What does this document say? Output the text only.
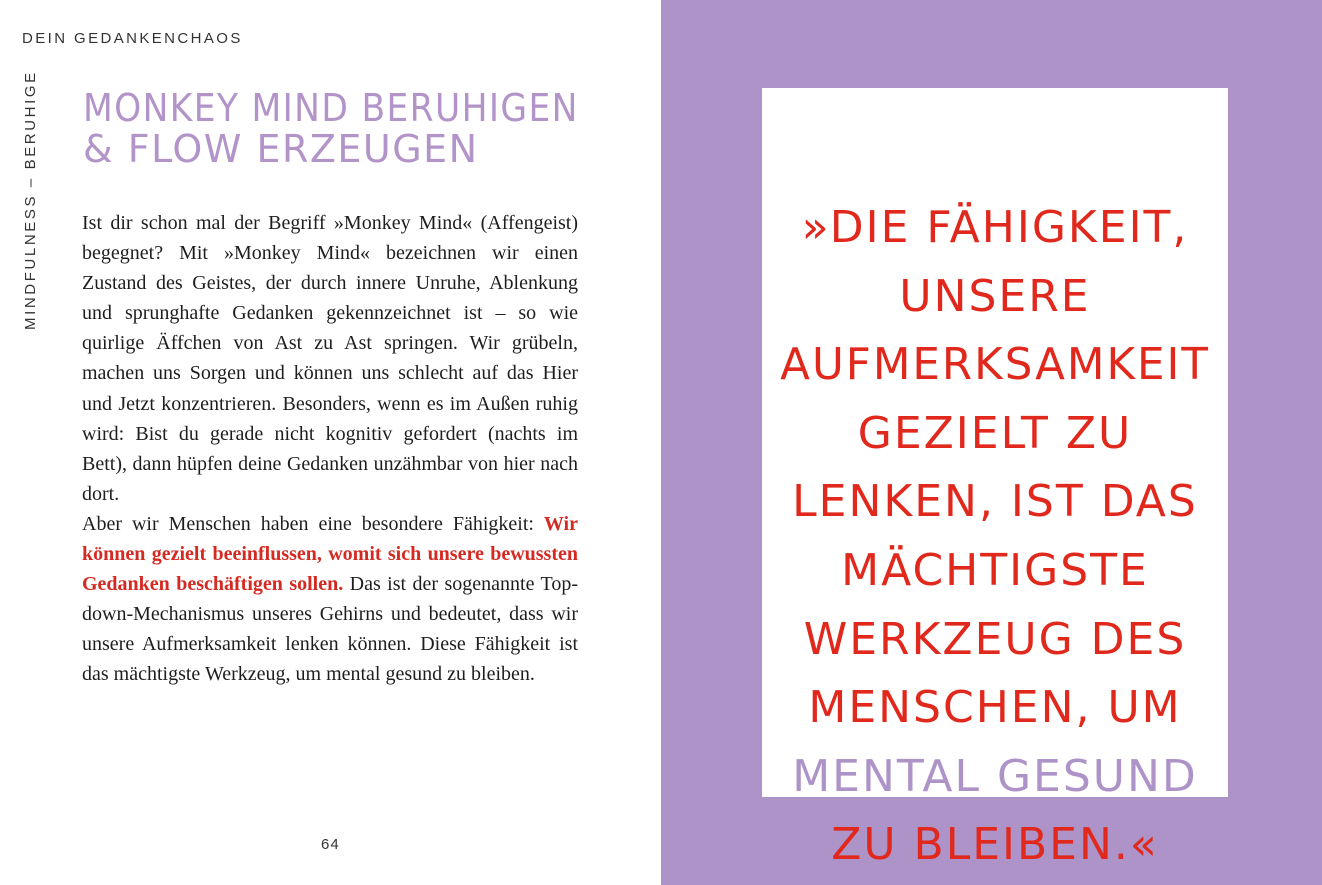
DEIN GEDANKENCHAOS
MINDFULNESS – BERUHIGE MONKEY MIND BERUHIGEN
& FLOW ERZEUGEN

Ist dir schon mal der Begriff »Monkey Mind« (Affengeist) begegnet? Mit »Monkey Mind« bezeichnen wir einen Zustand des Geistes, der durch innere Unruhe, Ablenkung und sprunghafte Gedanken gekennzeichnet ist – so wie quirlige Äffchen von Ast zu Ast springen. Wir grübeln, machen uns Sorgen und können uns schlecht auf das Hier und Jetzt konzentrieren. Besonders, wenn es im Außen ruhig wird: Bist du gerade nicht kognitiv gefordert (nachts im Bett), dann hüpfen deine Gedanken unzähmbar von hier nach dort.

Aber wir Menschen haben eine besondere Fähigkeit: Wir können gezielt beeinflussen, womit sich unsere bewussten Gedanken beschäftigen sollen. Das ist der sogenannte Top-down-Mechanismus unseres Gehirns und bedeutet, dass wir unsere Aufmerksamkeit lenken können. Diese Fähigkeit ist das mächtigste Werkzeug, um mental gesund zu bleiben.

64
»DIE FÄHIGKEIT,
UNSERE
AUFMERKSAMKEIT
GEZIELT ZU
LENKEN, IST DAS
MÄCHTIGSTE
WERKZEUG DES
MENSCHEN, UM
MENTAL GESUND
ZU BLEIBEN.«
